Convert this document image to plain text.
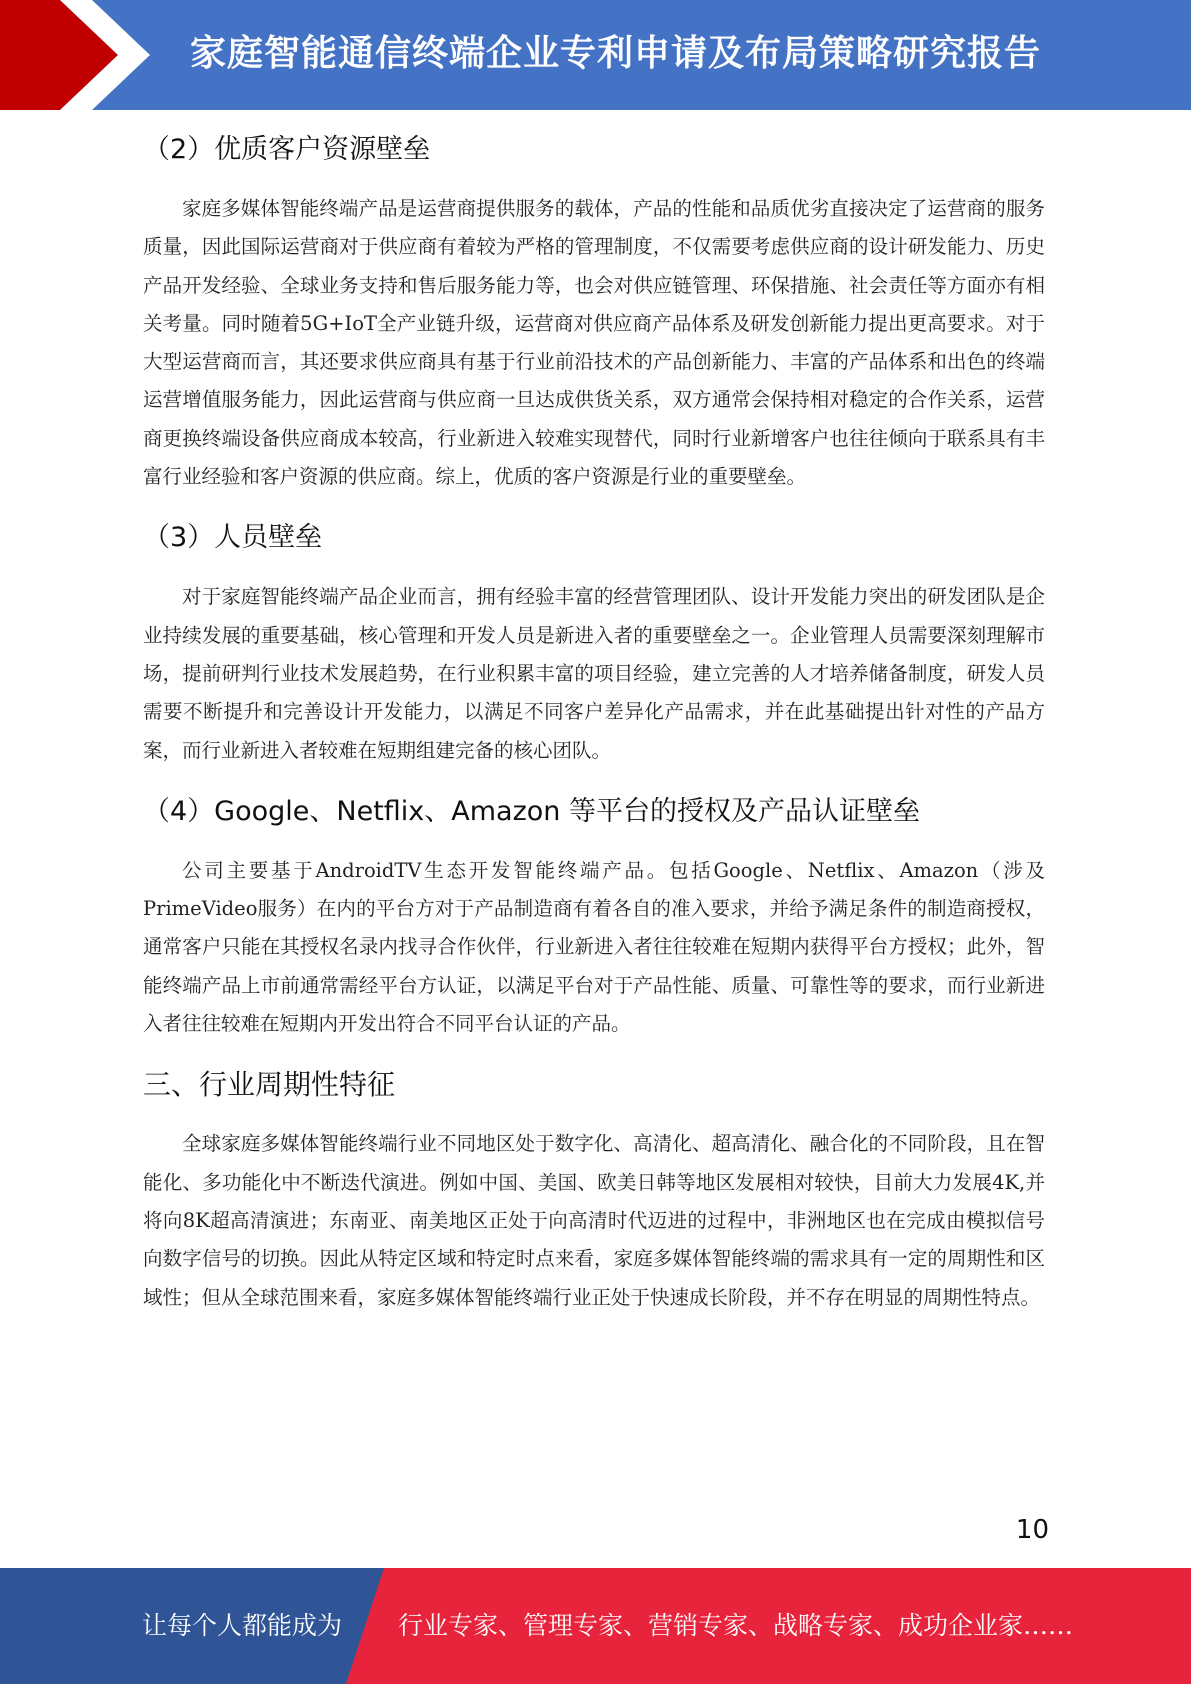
家庭智能通信终端企业专利申请及布局策略研究报告
（2）优质客户资源壁垒

家庭多媒体智能终端产品是运营商提供服务的载体，产品的性能和品质优劣直接决定了运营商的服务质量，因此国际运营商对于供应商有着较为严格的管理制度，不仅需要考虑供应商的设计研发能力、历史产品开发经验、全球业务支持和售后服务能力等，也会对供应链管理、环保措施、社会责任等方面亦有相关考量。同时随着5G+IoT全产业链升级，运营商对供应商产品体系及研发创新能力提出更高要求。对于大型运营商而言，其还要求供应商具有基于行业前沿技术的产品创新能力、丰富的产品体系和出色的终端运营增值服务能力，因此运营商与供应商一旦达成供货关系，双方通常会保持相对稳定的合作关系，运营商更换终端设备供应商成本较高，行业新进入较难实现替代，同时行业新增客户也往往倾向于联系具有丰富行业经验和客户资源的供应商。综上，优质的客户资源是行业的重要壁垒。

（3）人员壁垒

对于家庭智能终端产品企业而言，拥有经验丰富的经营管理团队、设计开发能力突出的研发团队是企业持续发展的重要基础，核心管理和开发人员是新进入者的重要壁垒之一。企业管理人员需要深刻理解市场，提前研判行业技术发展趋势，在行业积累丰富的项目经验，建立完善的人才培养储备制度，研发人员需要不断提升和完善设计开发能力，以满足不同客户差异化产品需求，并在此基础提出针对性的产品方案，而行业新进入者较难在短期组建完备的核心团队。

（4）Google、Netflix、Amazon 等平台的授权及产品认证壁垒

公司主要基于AndroidTV生态开发智能终端产品。包括Google、Netflix、Amazon（涉及PrimeVideo服务）在内的平台方对于产品制造商有着各自的准入要求，并给予满足条件的制造商授权，通常客户只能在其授权名录内找寻合作伙伴，行业新进入者往往较难在短期内获得平台方授权；此外，智能终端产品上市前通常需经平台方认证，以满足平台对于产品性能、质量、可靠性等的要求，而行业新进入者往往较难在短期内开发出符合不同平台认证的产品。

三、行业周期性特征

全球家庭多媒体智能终端行业不同地区处于数字化、高清化、超高清化、融合化的不同阶段，且在智能化、多功能化中不断迭代演进。例如中国、美国、欧美日韩等地区发展相对较快，目前大力发展4K,并将向8K超高清演进；东南亚、南美地区正处于向高清时代迈进的过程中，非洲地区也在完成由模拟信号向数字信号的切换。因此从特定区域和特定时点来看，家庭多媒体智能终端的需求具有一定的周期性和区域性；但从全球范围来看，家庭多媒体智能终端行业正处于快速成长阶段，并不存在明显的周期性特点。

10
让每个人都能成为 行业专家、管理专家、营销专家、战略专家、成功企业家……
